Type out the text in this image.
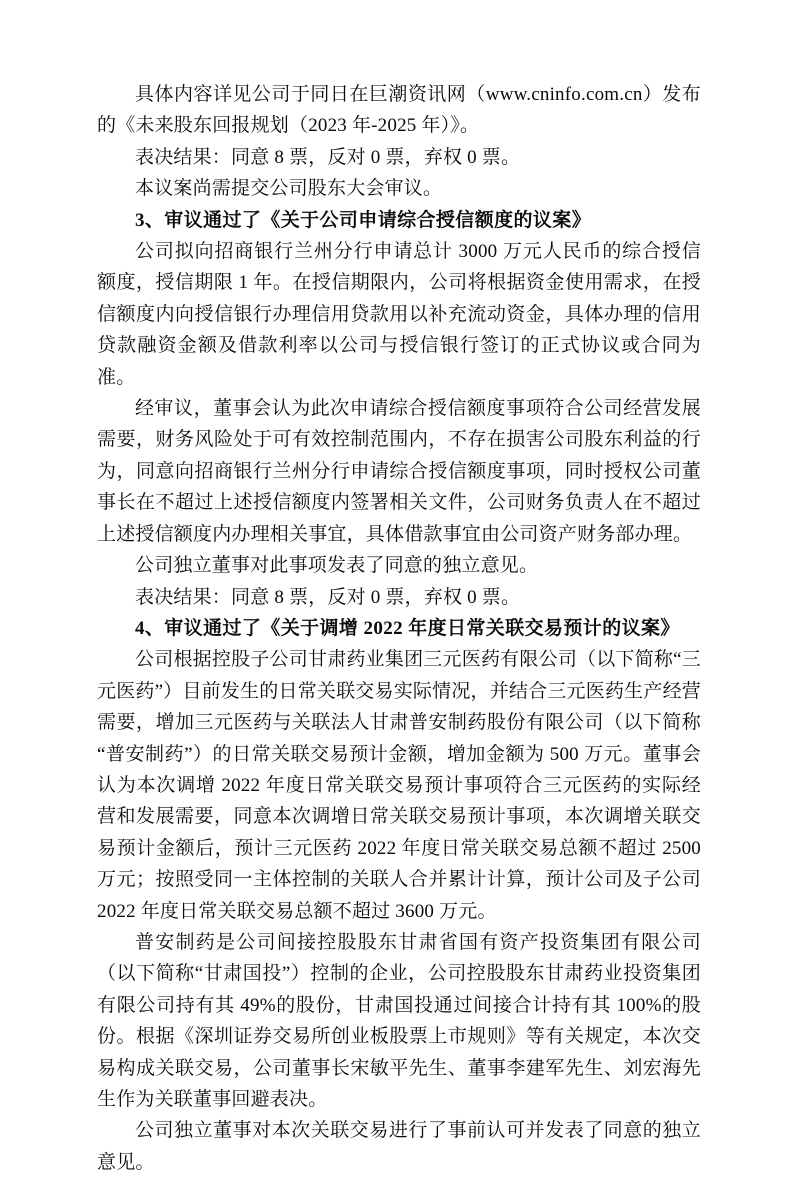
具体内容详见公司于同日在巨潮资讯网（www.cninfo.com.cn）发布的《未来股东回报规划（2023 年-2025 年）》。

表决结果：同意 8 票，反对 0 票，弃权 0 票。

本议案尚需提交公司股东大会审议。

3、审议通过了《关于公司申请综合授信额度的议案》

公司拟向招商银行兰州分行申请总计 3000 万元人民币的综合授信额度，授信期限 1 年。在授信期限内，公司将根据资金使用需求，在授信额度内向授信银行办理信用贷款用以补充流动资金，具体办理的信用贷款融资金额及借款利率以公司与授信银行签订的正式协议或合同为准。

经审议，董事会认为此次申请综合授信额度事项符合公司经营发展需要，财务风险处于可有效控制范围内，不存在损害公司股东利益的行为，同意向招商银行兰州分行申请综合授信额度事项，同时授权公司董事长在不超过上述授信额度内签署相关文件，公司财务负责人在不超过上述授信额度内办理相关事宜，具体借款事宜由公司资产财务部办理。

公司独立董事对此事项发表了同意的独立意见。

表决结果：同意 8 票，反对 0 票，弃权 0 票。

4、审议通过了《关于调增 2022 年度日常关联交易预计的议案》

公司根据控股子公司甘肃药业集团三元医药有限公司（以下简称“三元医药”）目前发生的日常关联交易实际情况，并结合三元医药生产经营需要，增加三元医药与关联法人甘肃普安制药股份有限公司（以下简称“普安制药”）的日常关联交易预计金额，增加金额为 500 万元。董事会认为本次调增 2022 年度日常关联交易预计事项符合三元医药的实际经营和发展需要，同意本次调增日常关联交易预计事项，本次调增关联交易预计金额后，预计三元医药 2022 年度日常关联交易总额不超过 2500 万元；按照受同一主体控制的关联人合并累计计算，预计公司及子公司 2022 年度日常关联交易总额不超过 3600 万元。

普安制药是公司间接控股股东甘肃省国有资产投资集团有限公司（以下简称“甘肃国投”）控制的企业，公司控股股东甘肃药业投资集团有限公司持有其 49%的股份，甘肃国投通过间接合计持有其 100%的股份。根据《深圳证券交易所创业板股票上市规则》等有关规定，本次交易构成关联交易，公司董事长宋敏平先生、董事李建军先生、刘宏海先生作为关联董事回避表决。

公司独立董事对本次关联交易进行了事前认可并发表了同意的独立意见。
